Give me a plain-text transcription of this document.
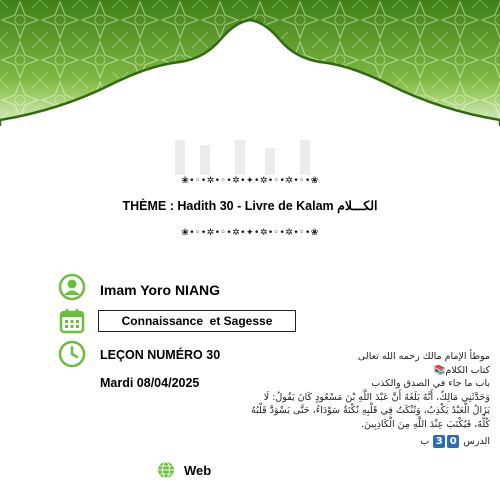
❀•◦•✲•◦•✲•✦•✲•◦•✲•◦•❀
THÈME : Hadith 30 - Livre de Kalam الكـــلام
❀•◦•✲•◦•✲•✦•✲•◦•✲•◦•❀
Imam Yoro NIANG
Connaissance  et Sagesse
LEÇON NUMÉRO 30
Mardi 08/04/2025
موطأ الإمام مالك رحمه الله تعالى
كتاب الكلام📚
باب ما جاء في الصدق والكذب
وَحَدَّثَنِي مَالِكٌ، أَنَّهُ بَلَغَهُ أَنَّ عَبْدَ اللَّهِ بْنَ مَسْعُودٍ كَانَ يَقُولُ: لَا يَزَالُ الْعَبْدُ يَكْذِبُ، وَتُنْكَتُ فِي قَلْبِهِ نُكْتَةٌ سَوْدَاءُ، حَتَّى يَسْوَدَّ قَلْبُهُ كُلُّهُ، فَيُكْتَبَ عِنْدَ اللَّهِ مِنَ الْكَاذِبِينَ.
الدرس 3 0 ب
Web
